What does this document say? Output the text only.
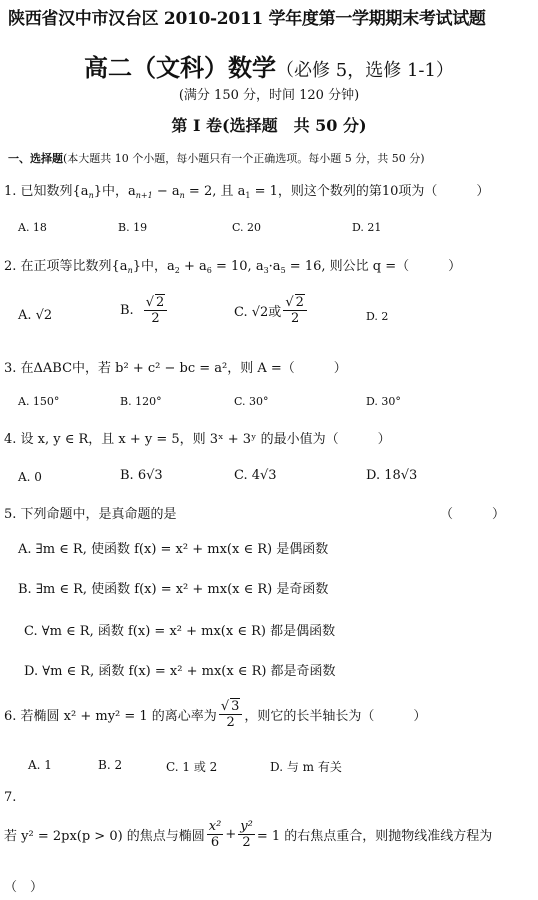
陕西省汉中市汉台区 2010-2011 学年度第一学期期末考试试题
高二（文科）数学（必修 5，选修 1-1）
(满分 150 分，时间 120 分钟)
第 I 卷(选择题　共 50 分)
一、选择题(本大题共 10 个小题，每小题只有一个正确选项。每小题 5 分，共 50 分)
1. 已知数列$\{a_n\}$中，$a_{n+1} - a_n = 2$, 且 $a_1 = 1$，则这个数列的第10项为（　　　）
A. 18	B. 19	C. 20	D. 21
2. 在正项等比数列$\{a_n\}$中，$a_2 + a_6 = 10$, $a_3\cdot a_5 = 16$, 则公比 q =（　　　）
A. √2	B. $\frac{√ 2}{2}$	C. √2或 $\frac{√ 2}{2}$	D. 2
3. 在ΔABC中，若 b² + c² − bc = a²，则 A =（　　　）
A. 150°	B. 120°	C. 30°	D. 30°
4. 设 x, y ∈ R，且 x + y = 5，则 3ˣ + 3ʸ 的最小值为（　　　）
A. 0	B. 6√3	C. 4√3	D. 18√3
5. 下列命题中，是真命题的是	（　　　）
A. ∃m ∈ R, 使函数 f(x) = x² + mx(x ∈ R) 是偶函数
B. ∃m ∈ R, 使函数 f(x) = x² + mx(x ∈ R) 是奇函数
C. ∀m ∈ R, 函数 f(x) = x² + mx(x ∈ R) 都是偶函数
D. ∀m ∈ R, 函数 f(x) = x² + mx(x ∈ R) 都是奇函数
6. 若椭圆 x² + my² = 1 的离心率为 $\frac{√ 3}{2}$ ，则它的长半轴长为（　　　）
A. 1	B. 2	C. 1 或 2	D. 与 m 有关
7.
若 y² = 2px(p > 0) 的焦点与椭圆 $\frac{\text{x²}}{6} + \frac{\text{y²}}{2} = 1$ 的右焦点重合，则抛物线准线方程为
（　）
